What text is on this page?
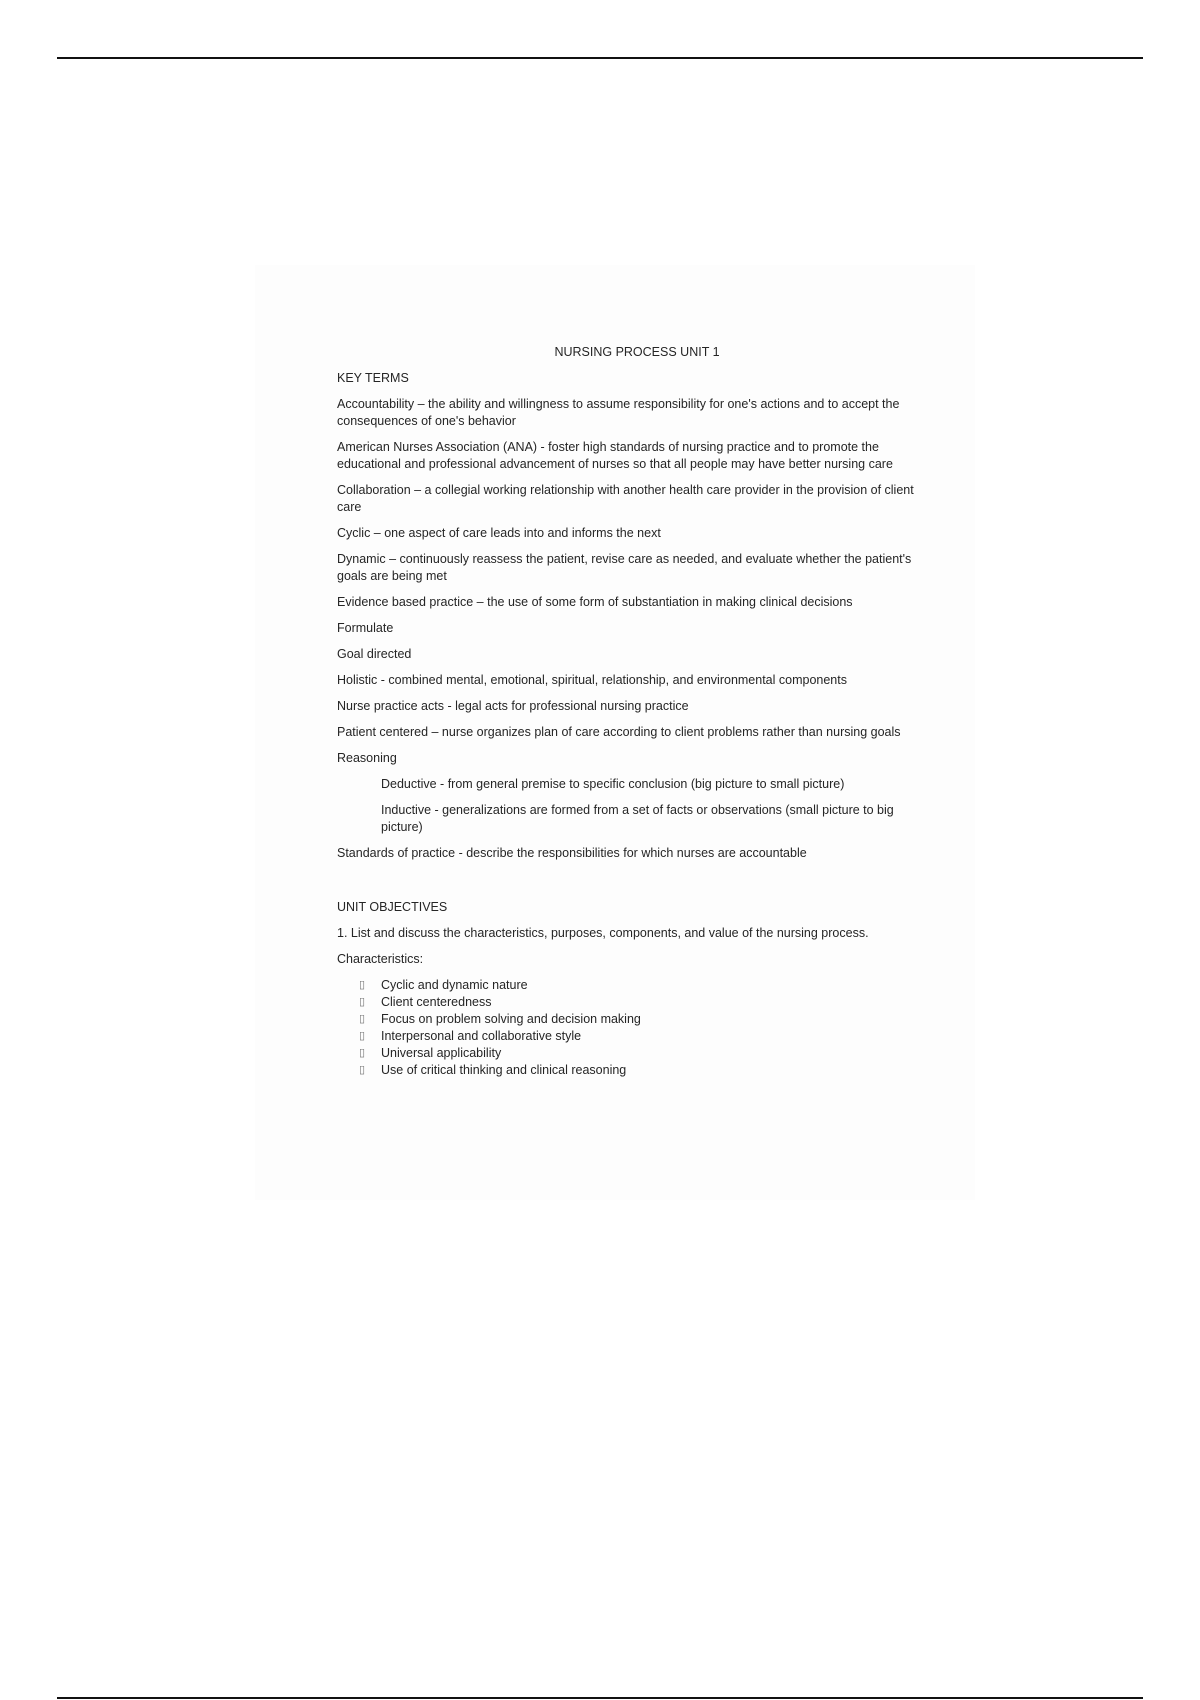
NURSING PROCESS UNIT 1
KEY TERMS
Accountability – the ability and willingness to assume responsibility for one's actions and to accept the consequences of one's behavior
American Nurses Association (ANA) - foster high standards of nursing practice and to promote the educational and professional advancement of nurses so that all people may have better nursing care
Collaboration – a collegial working relationship with another health care provider in the provision of client care
Cyclic – one aspect of care leads into and informs the next
Dynamic – continuously reassess the patient, revise care as needed, and evaluate whether the patient's goals are being met
Evidence based practice – the use of some form of substantiation in making clinical decisions
Formulate
Goal directed
Holistic - combined mental, emotional, spiritual, relationship, and environmental components
Nurse practice acts - legal acts for professional nursing practice
Patient centered – nurse organizes plan of care according to client problems rather than nursing goals
Reasoning
Deductive - from general premise to specific conclusion (big picture to small picture)
Inductive - generalizations are formed from a set of facts or observations (small picture to big picture)
Standards of practice - describe the responsibilities for which nurses are accountable
UNIT OBJECTIVES
1. List and discuss the characteristics, purposes, components, and value of the nursing process.
Characteristics:
▯ Cyclic and dynamic nature
▯ Client centeredness
▯ Focus on problem solving and decision making
▯ Interpersonal and collaborative style
▯ Universal applicability
▯ Use of critical thinking and clinical reasoning
